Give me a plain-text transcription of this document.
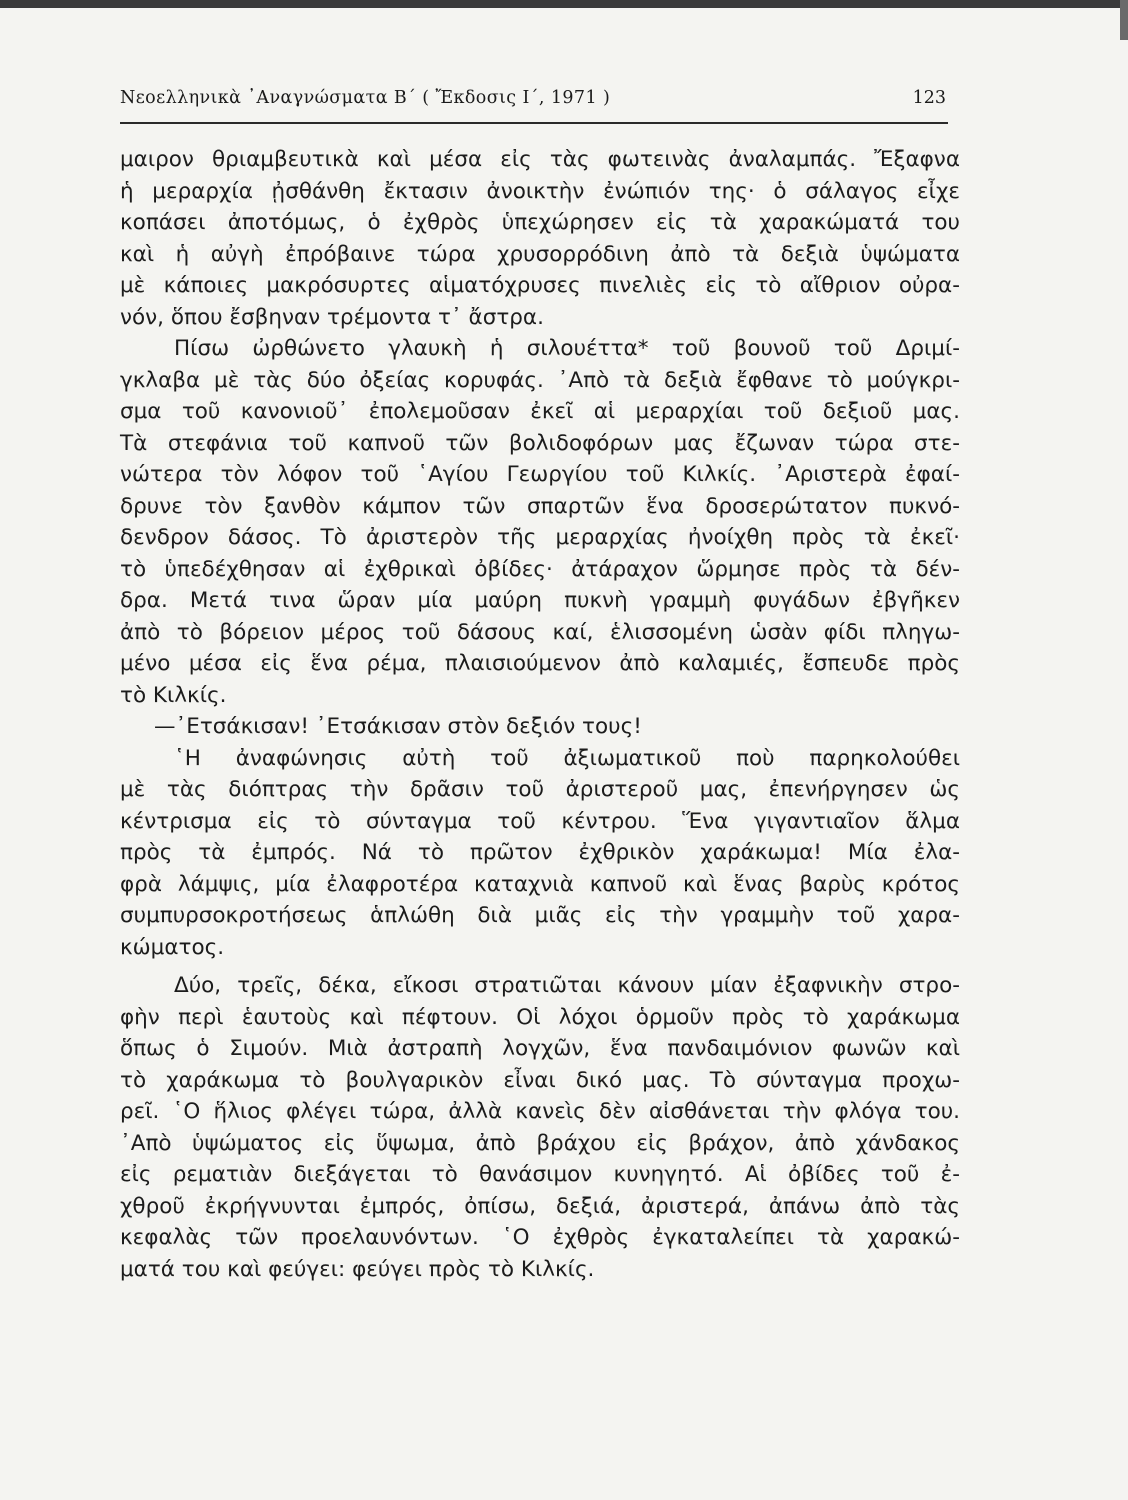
Νεοελληνικὰ ᾿Αναγνώσματα Β΄ ( Ἔκδοσις Ι΄, 1971 )	123
μαιρον θριαμβευτικὰ καὶ μέσα εἰς τὰς φωτεινὰς ἀναλαμπάς. Ἔξαφνα
ἡ μεραρχία ᾐσθάνθη ἔκτασιν ἀνοικτὴν ἐνώπιόν της· ὁ σάλαγος εἶχε
κοπάσει ἀποτόμως, ὁ ἐχθρὸς ὑπεχώρησεν εἰς τὰ χαρακώματά του
καὶ ἡ αὐγὴ ἐπρόβαινε τώρα χρυσορρόδινη ἀπὸ τὰ δεξιὰ ὑψώματα
μὲ κάποιες μακρόσυρτες αἱματόχρυσες πινελιὲς εἰς τὸ αἴθριον οὐρα-
νόν, ὅπου ἔσβηναν τρέμοντα τ᾿ ἄστρα.
Πίσω ὠρθώνετο γλαυκὴ ἡ σιλουέττα* τοῦ βουνοῦ τοῦ Δριμί-
γκλαβα μὲ τὰς δύο ὀξείας κορυφάς. ᾿Απὸ τὰ δεξιὰ ἔφθανε τὸ μούγκρι-
σμα τοῦ κανονιοῦ᾿ ἐπολεμοῦσαν ἐκεῖ αἱ μεραρχίαι τοῦ δεξιοῦ μας.
Τὰ στεφάνια τοῦ καπνοῦ τῶν βολιδοφόρων μας ἔζωναν τώρα στε-
νώτερα τὸν λόφον τοῦ ῾Αγίου Γεωργίου τοῦ Κιλκίς. ᾿Αριστερὰ ἐφαί-
δρυνε τὸν ξανθὸν κάμπον τῶν σπαρτῶν ἕνα δροσερώτατον πυκνό-
δενδρον δάσος. Τὸ ἀριστερὸν τῆς μεραρχίας ἠνοίχθη πρὸς τὰ ἐκεῖ·
τὸ ὑπεδέχθησαν αἱ ἐχθρικαὶ ὀβίδες· ἀτάραχον ὥρμησε πρὸς τὰ δέν-
δρα. Μετά τινα ὥραν μία μαύρη πυκνὴ γραμμὴ φυγάδων ἐβγῆκεν
ἀπὸ τὸ βόρειον μέρος τοῦ δάσους καί, ἑλισσομένη ὡσὰν φίδι πληγω-
μένο μέσα εἰς ἕνα ρέμα, πλαισιούμενον ἀπὸ καλαμιές, ἔσπευδε πρὸς
τὸ Κιλκίς.
—᾿Ετσάκισαν! ᾿Ετσάκισαν στὸν δεξιόν τους!
῾Η ἀναφώνησις αὐτὴ τοῦ ἀξιωματικοῦ ποὺ παρηκολούθει
μὲ τὰς διόπτρας τὴν δρᾶσιν τοῦ ἀριστεροῦ μας, ἐπενήργησεν ὡς
κέντρισμα εἰς τὸ σύνταγμα τοῦ κέντρου. Ἕνα γιγαντιαῖον ἅλμα
πρὸς τὰ ἐμπρός. Νά τὸ πρῶτον ἐχθρικὸν χαράκωμα! Μία ἐλα-
φρὰ λάμψις, μία ἐλαφροτέρα καταχνιὰ καπνοῦ καὶ ἕνας βαρὺς κρότος
συμπυρσοκροτήσεως ἁπλώθη διὰ μιᾶς εἰς τὴν γραμμὴν τοῦ χαρα-
κώματος.
Δύο, τρεῖς, δέκα, εἴκοσι στρατιῶται κάνουν μίαν ἐξαφνικὴν στρο-
φὴν περὶ ἑαυτοὺς καὶ πέφτουν. Οἱ λόχοι ὁρμοῦν πρὸς τὸ χαράκωμα
ὅπως ὁ Σιμούν. Μιὰ ἀστραπὴ λογχῶν, ἕνα πανδαιμόνιον φωνῶν καὶ
τὸ χαράκωμα τὸ βουλγαρικὸν εἶναι δικό μας. Τὸ σύνταγμα προχω-
ρεῖ. ῾Ο ἥλιος φλέγει τώρα, ἀλλὰ κανεὶς δὲν αἰσθάνεται τὴν φλόγα του.
᾿Απὸ ὑψώματος εἰς ὕψωμα, ἀπὸ βράχου εἰς βράχον, ἀπὸ χάνδακος
εἰς ρεματιὰν διεξάγεται τὸ θανάσιμον κυνηγητό. Αἱ ὀβίδες τοῦ ἐ-
χθροῦ ἐκρήγνυνται ἐμπρός, ὀπίσω, δεξιά, ἀριστερά, ἀπάνω ἀπὸ τὰς
κεφαλὰς τῶν προελαυνόντων. ῾Ο ἐχθρὸς ἐγκαταλείπει τὰ χαρακώ-
ματά του καὶ φεύγει: φεύγει πρὸς τὸ Κιλκίς.
